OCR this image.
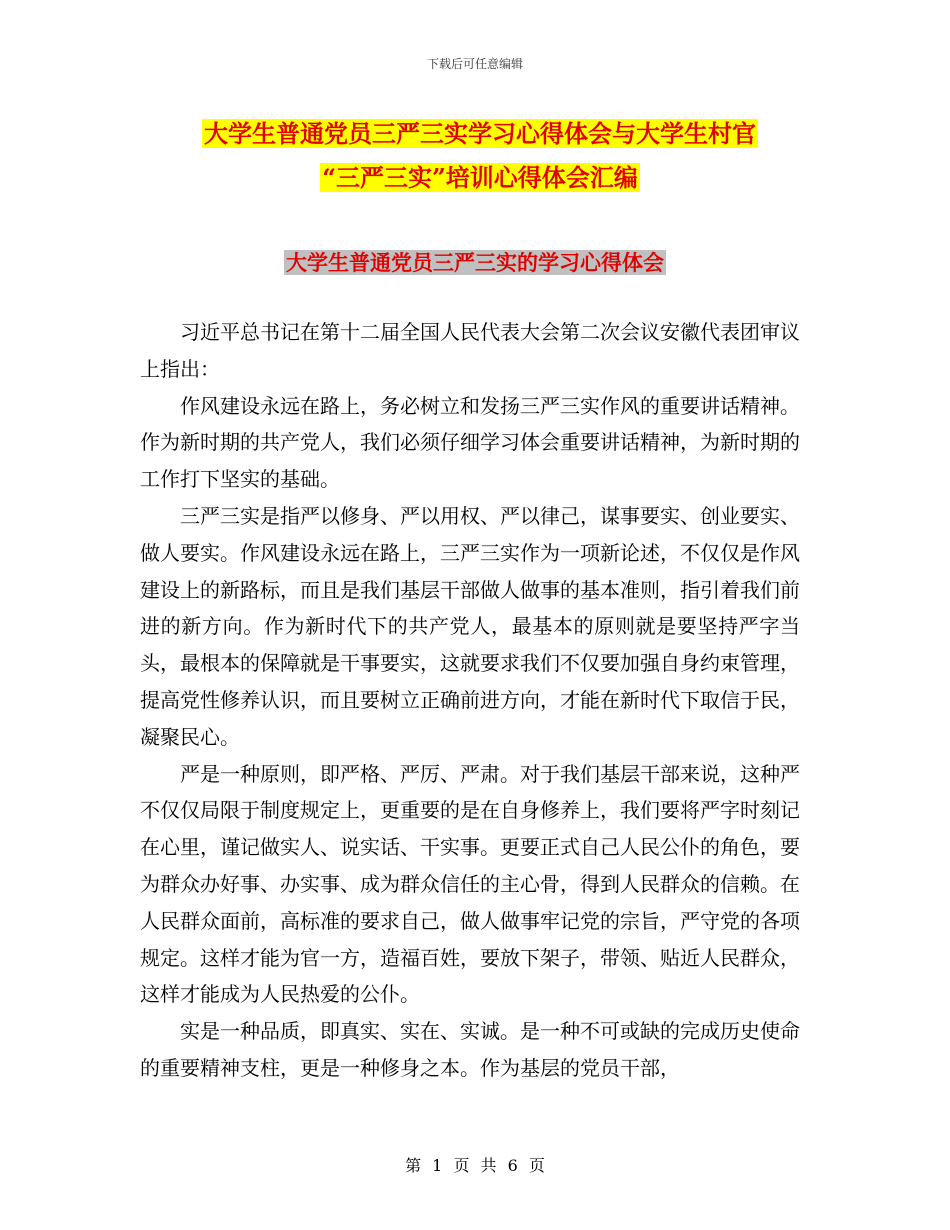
下载后可任意编辑
大学生普通党员三严三实学习心得体会与大学生村官
“三严三实”培训心得体会汇编
大学生普通党员三严三实的学习心得体会

习近平总书记在第十二届全国人民代表大会第二次会议安徽代表团审议上指出：

作风建设永远在路上，务必树立和发扬三严三实作风的重要讲话精神。作为新时期的共产党人，我们必须仔细学习体会重要讲话精神，为新时期的工作打下坚实的基础。

三严三实是指严以修身、严以用权、严以律己，谋事要实、创业要实、做人要实。作风建设永远在路上，三严三实作为一项新论述，不仅仅是作风建设上的新路标，而且是我们基层干部做人做事的基本准则，指引着我们前进的新方向。作为新时代下的共产党人，最基本的原则就是要坚持严字当头，最根本的保障就是干事要实，这就要求我们不仅要加强自身约束管理，提高党性修养认识，而且要树立正确前进方向，才能在新时代下取信于民，凝聚民心。

严是一种原则，即严格、严厉、严肃。对于我们基层干部来说，这种严不仅仅局限于制度规定上，更重要的是在自身修养上，我们要将严字时刻记在心里，谨记做实人、说实话、干实事。更要正式自己人民公仆的角色，要为群众办好事、办实事、成为群众信任的主心骨，得到人民群众的信赖。在人民群众面前，高标准的要求自己，做人做事牢记党的宗旨，严守党的各项规定。这样才能为官一方，造福百姓，要放下架子，带领、贴近人民群众，这样才能成为人民热爱的公仆。

实是一种品质，即真实、实在、实诚。是一种不可或缺的完成历史使命的重要精神支柱，更是一种修身之本。作为基层的党员干部，

第 1 页 共 6 页
